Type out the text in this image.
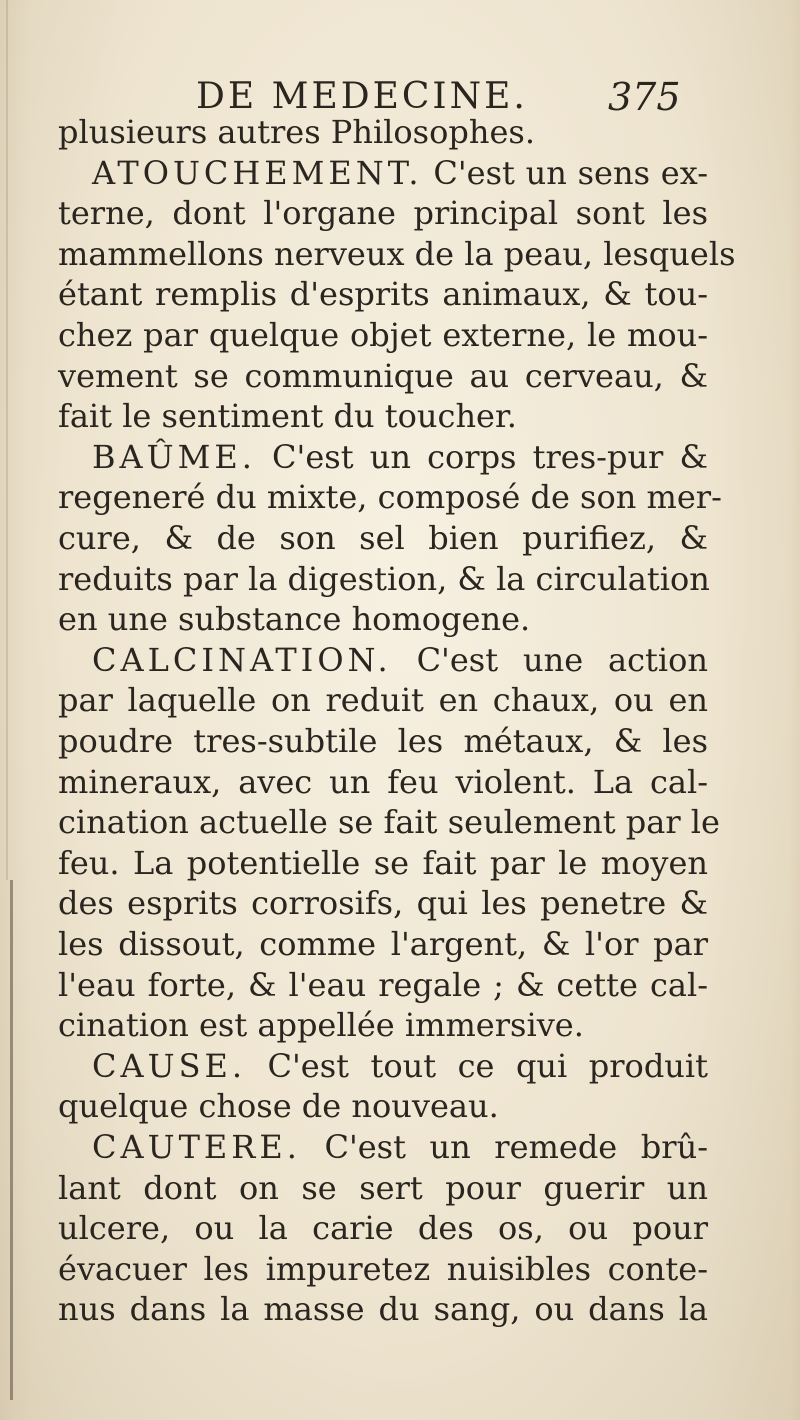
DE MEDECINE. 375
plusieurs autres Philosophes.
ATOUCHEMENT. C'est un sens ex-
terne, dont l'organe principal sont les
mammellons nerveux de la peau, lesquels
étant remplis d'esprits animaux, & tou-
chez par quelque objet externe, le mou-
vement se communique au cerveau, &
fait le sentiment du toucher.
BAÛME. C'est un corps tres-pur &
regeneré du mixte, composé de son mer-
cure, & de son sel bien purifiez, &
reduits par la digestion, & la circulation
en une substance homogene.
CALCINATION. C'est une action
par laquelle on reduit en chaux, ou en
poudre tres-subtile les métaux, & les
mineraux, avec un feu violent. La cal-
cination actuelle se fait seulement par le
feu. La potentielle se fait par le moyen
des esprits corrosifs, qui les penetre &
les dissout, comme l'argent, & l'or par
l'eau forte, & l'eau regale ; & cette cal-
cination est appellée immersive.
CAUSE. C'est tout ce qui produit
quelque chose de nouveau.
CAUTERE. C'est un remede brû-
lant dont on se sert pour guerir un
ulcere, ou la carie des os, ou pour
évacuer les impuretez nuisibles conte-
nus dans la masse du sang, ou dans la
